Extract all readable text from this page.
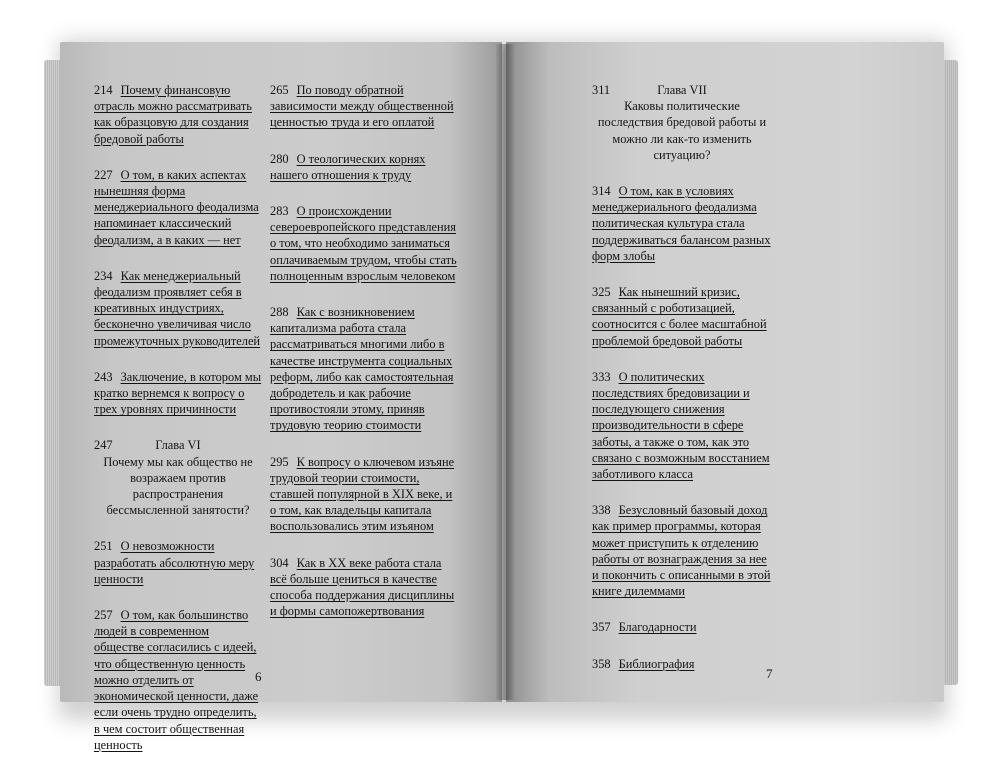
214 Почему финансовую отрасль можно рассматривать как образцовую для создания бредовой работы
227 О том, в каких аспектах нынешняя форма менеджериального феодализма напоминает классический феодализм, а в каких — нет
234 Как менеджериальный феодализм проявляет себя в креативных индустриях, бесконечно увеличивая число промежуточных руководителей
243 Заключение, в котором мы кратко вернемся к вопросу о трех уровнях причинности
247	Глава VI
Почему мы как общество не возражаем против распространения бессмысленной занятости?
251 О невозможности разработать абсолютную меру ценности
257 О том, как большинство людей в современном обществе согласились с идеей, что общественную ценность можно отделить от экономической ценности, даже если очень трудно определить, в чем состоит общественная ценность
265 По поводу обратной зависимости между общественной ценностью труда и его оплатой
280 О теологических корнях нашего отношения к труду
283 О происхождении североевропейского представления о том, что необходимо заниматься оплачиваемым трудом, чтобы стать полноценным взрослым человеком
288 Как с возникновением капитализма работа стала рассматриваться многими либо в качестве инструмента социальных реформ, либо как самостоятельная добродетель и как рабочие противостояли этому, приняв трудовую теорию стоимости
295 К вопросу о ключевом изъяне трудовой теории стоимости, ставшей популярной в XIX веке, и о том, как владельцы капитала воспользовались этим изъяном
304 Как в XX веке работа стала всё больше цениться в качестве способа поддержания дисциплины и формы самопожертвования
6
311	Глава VII
Каковы политические последствия бредовой работы и можно ли как-то изменить ситуацию?
314 О том, как в условиях менеджериального феодализма политическая культура стала поддерживаться балансом разных форм злобы
325 Как нынешний кризис, связанный с роботизацией, соотносится с более масштабной проблемой бредовой работы
333 О политических последствиях бредовизации и последующего снижения производительности в сфере заботы, а также о том, как это связано с возможным восстанием заботливого класса
338 Безусловный базовый доход как пример программы, которая может приступить к отделению работы от вознаграждения за нее и покончить с описанными в этой книге дилеммами
357 Благодарности
358 Библиография
7
